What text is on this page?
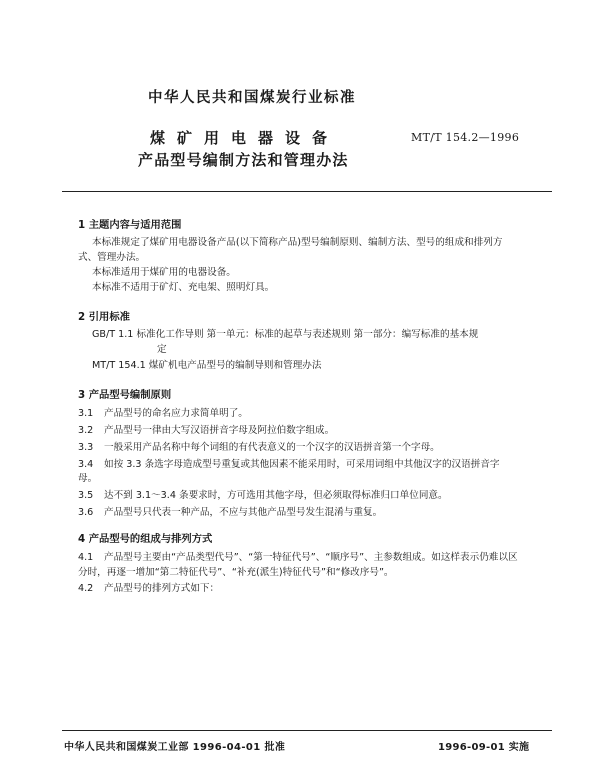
中华人民共和国煤炭行业标准
煤矿用电器设备
产品型号编制方法和管理办法
MT/T 154.2—1996
1 主题内容与适用范围
本标准规定了煤矿用电器设备产品(以下简称产品)型号编制原则、编制方法、型号的组成和排列方
式、管理办法。
本标准适用于煤矿用的电器设备。
本标准不适用于矿灯、充电架、照明灯具。
2 引用标准
GB/T 1.1 标准化工作导则 第一单元：标准的起草与表述规则 第一部分：编写标准的基本规
定
MT/T 154.1 煤矿机电产品型号的编制导则和管理办法
3 产品型号编制原则
3.1 产品型号的命名应力求简单明了。
3.2 产品型号一律由大写汉语拼音字母及阿拉伯数字组成。
3.3 一般采用产品名称中每个词组的有代表意义的一个汉字的汉语拼音第一个字母。
3.4 如按 3.3 条选字母造成型号重复或其他因素不能采用时，可采用词组中其他汉字的汉语拼音字
母。
3.5 达不到 3.1～3.4 条要求时，方可选用其他字母，但必须取得标准归口单位同意。
3.6 产品型号只代表一种产品，不应与其他产品型号发生混淆与重复。
4 产品型号的组成与排列方式
4.1 产品型号主要由“产品类型代号”、“第一特征代号”、“顺序号”、主参数组成。如这样表示仍难以区
分时，再逐一增加“第二特征代号”、“补充(派生)特征代号”和“修改序号”。
4.2 产品型号的排列方式如下：
中华人民共和国煤炭工业部 1996-04-01 批准	1996-09-01 实施
